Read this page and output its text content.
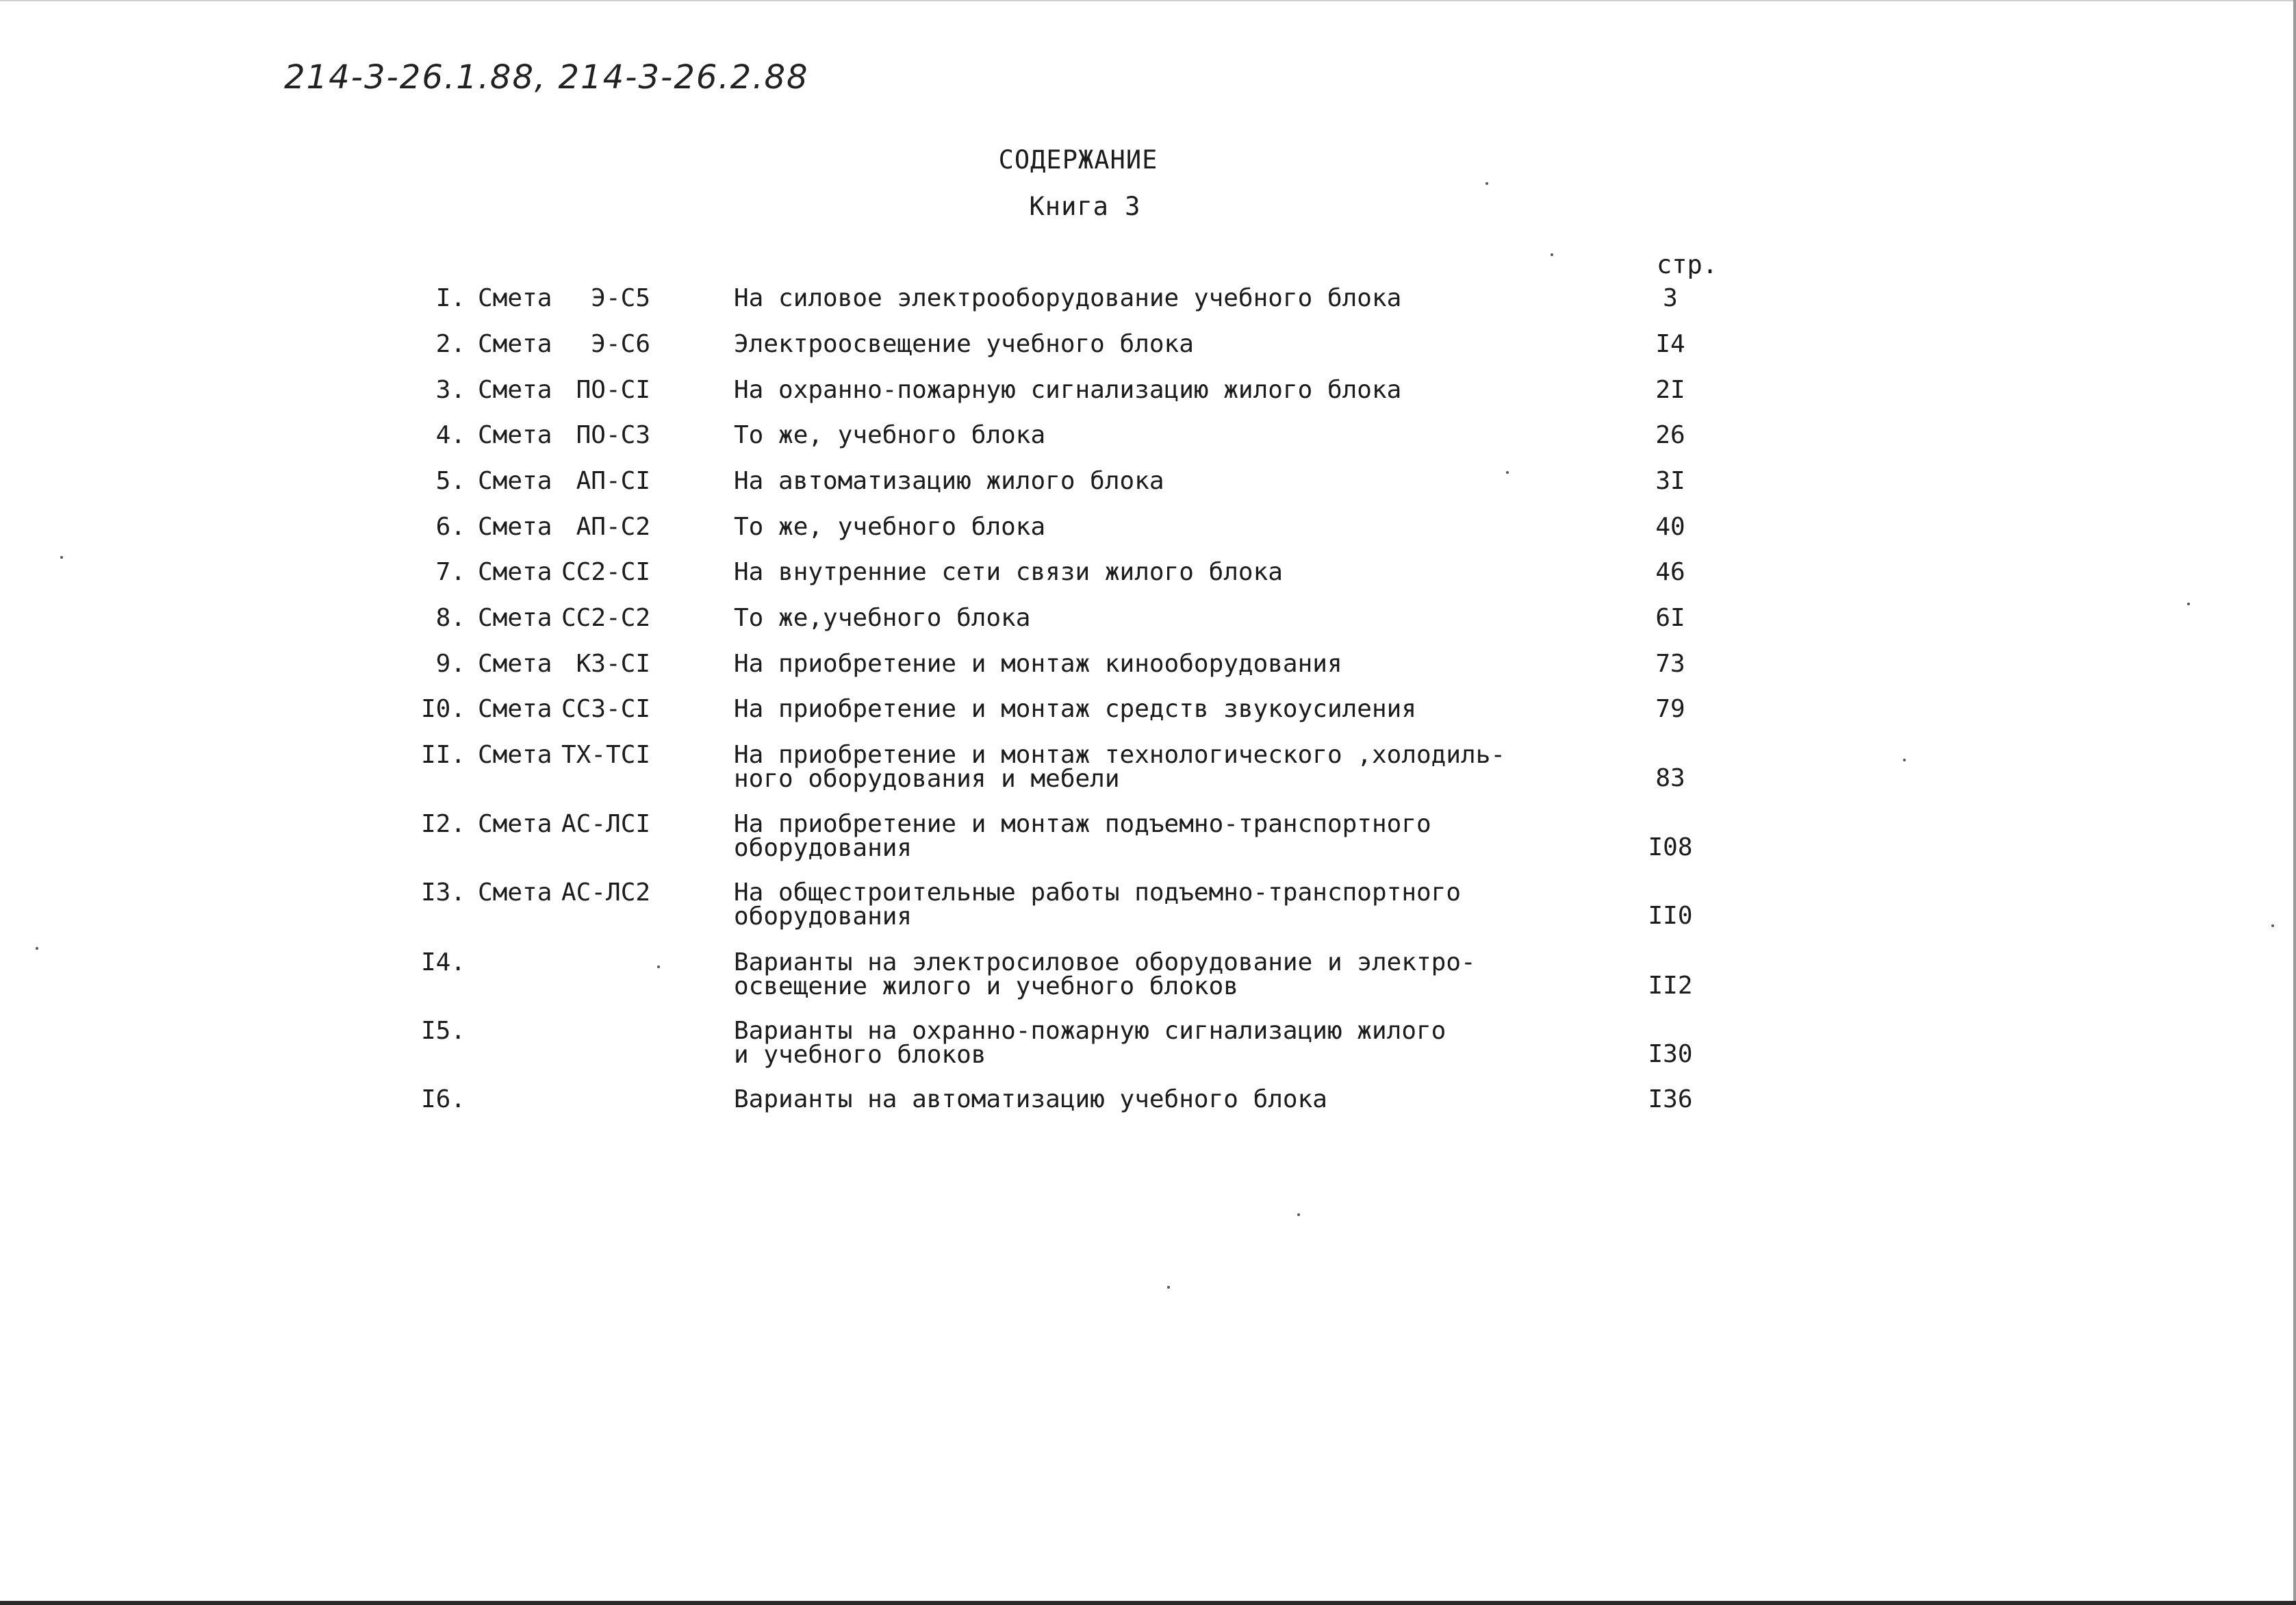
214-3-26.1.88, 214-3-26.2.88
СОДЕРЖАНИЕ
Книга 3
стр.
I. Смета	Э-С5	На силовое электрооборудование учебного блока	3
2. Смета	Э-С6	Электроосвещение учебного блока	I4
3. Смета ПО-СI	На охранно-пожарную сигнализацию жилого блока	2I
4. Смета ПО-С3	То же, учебного блока	26
5. Смета АП-СI	На автоматизацию жилого блока	3I
6. Смета АП-С2	То же, учебного блока	40
7. Смета СС2-СI	На внутренние сети связи жилого блока	46
8. Смета СС2-С2	То же,учебного блока	6I
9. Смета К3-СI	На приобретение и монтаж кинооборудования	73
I0. Смета СС3-СI	На приобретение и монтаж средств звукоусиления	79
II. Смета ТХ-ТСI	На приобретение и монтаж технологического ,холодиль-
ного оборудования и мебели	83
I2. Смета АС-ЛСI	На приобретение и монтаж подъемно-транспортного
оборудования	I08
I3. Смета АС-ЛС2	На общестроительные работы подъемно-транспортного
оборудования	II0
I4.	Варианты на электросиловое оборудование и электро-
освещение жилого и учебного блоков	II2
I5.	Варианты на охранно-пожарную сигнализацию жилого
и учебного блоков	I30
I6.	Варианты на автоматизацию учебного блока	I36
